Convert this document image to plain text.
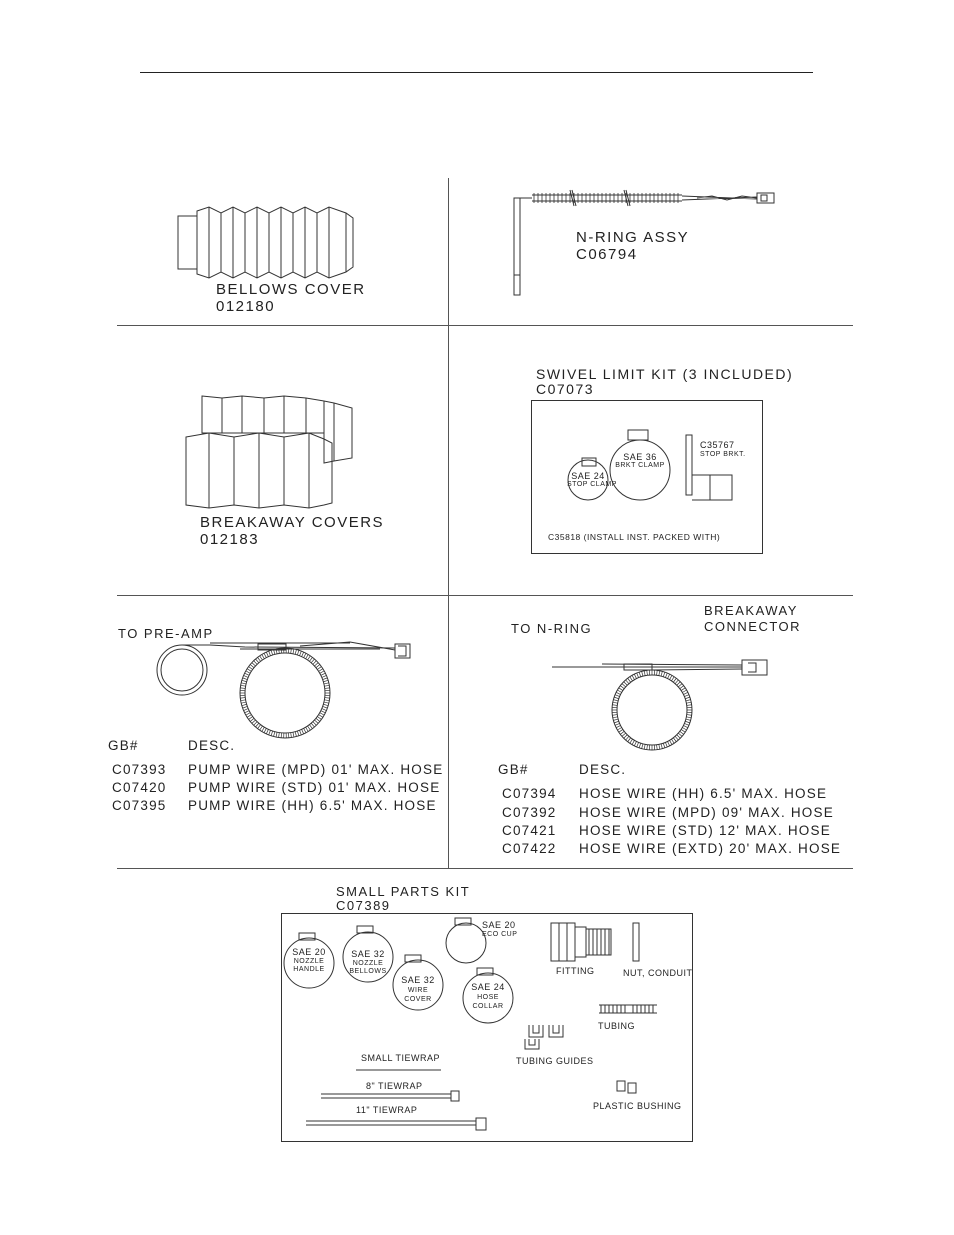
BELLOWS COVER
012180
N-RING ASSY
C06794
BREAKAWAY COVERS
012183
SWIVEL LIMIT KIT (3 INCLUDED)
C07073
SAE 24
STOP CLAMP
SAE 36
BRKT CLAMP
C35767
STOP BRKT.
C35818 (INSTALL INST. PACKED WITH)
TO PRE-AMP
GB#	DESC.
C07393 PUMP WIRE (MPD) 01' MAX. HOSE
C07420 PUMP WIRE (STD) 01' MAX. HOSE
C07395 PUMP WIRE (HH) 6.5' MAX. HOSE
TO N-RING
BREAKAWAY
CONNECTOR
GB#	DESC.
C07394 HOSE WIRE (HH) 6.5' MAX. HOSE
C07392 HOSE WIRE (MPD) 09' MAX. HOSE
C07421 HOSE WIRE (STD) 12' MAX. HOSE
C07422 HOSE WIRE (EXTD) 20' MAX. HOSE
SMALL PARTS KIT
C07389
SAE 20
NOZZLE
HANDLE
SAE 32
NOZZLE
BELLOWS
SAE 20
ECO CUP
SAE 32
WIRE
COVER
SAE 24
HOSE
COLLAR
FITTING	NUT, CONDUIT
TUBING
TUBING GUIDES
SMALL TIEWRAP
8" TIEWRAP
11" TIEWRAP	PLASTIC BUSHING
